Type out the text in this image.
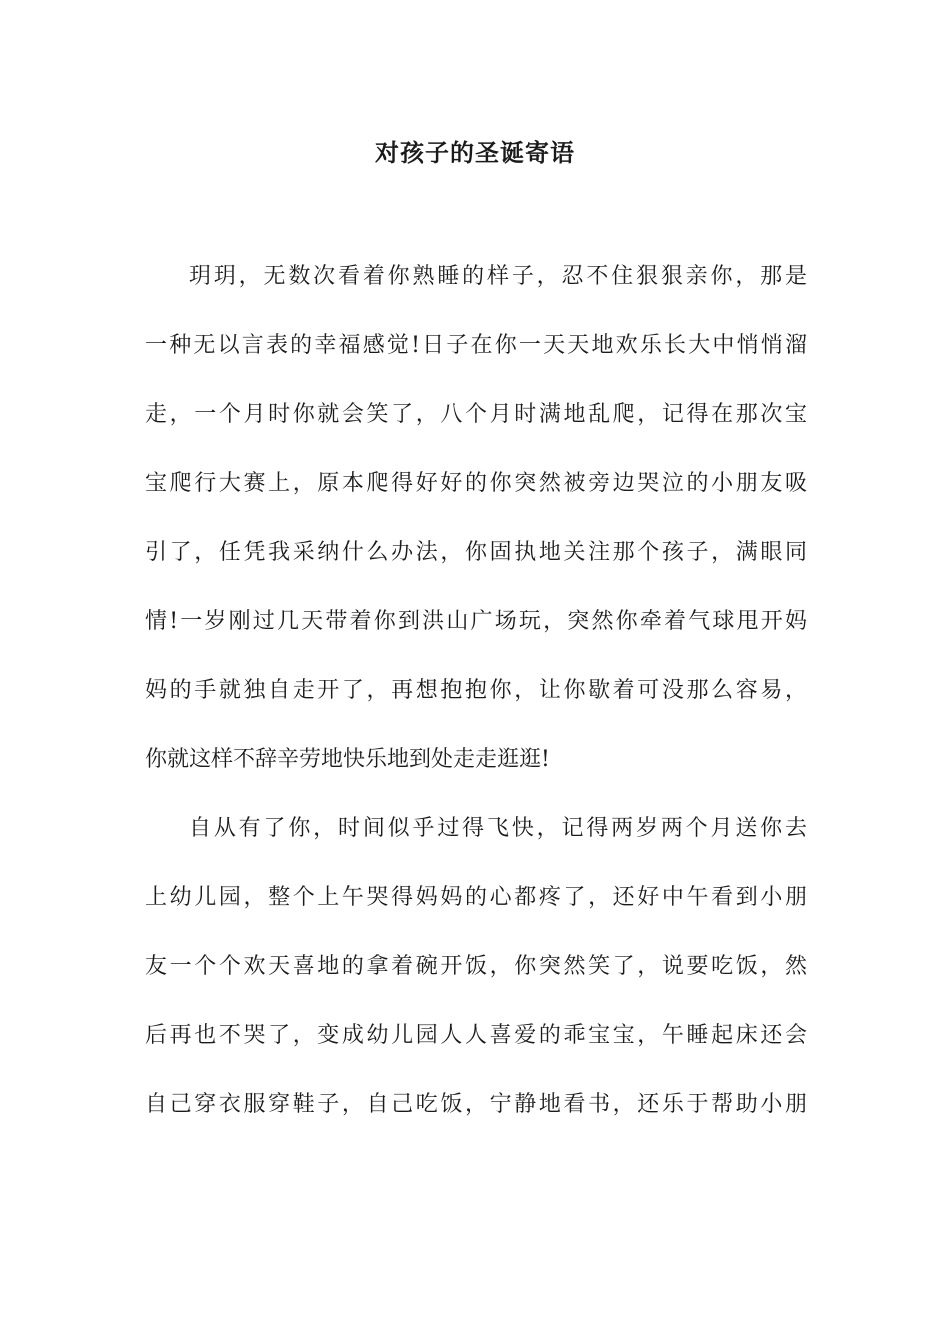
对孩子的圣诞寄语
玥玥，无数次看着你熟睡的样子，忍不住狠狠亲你，那是
一种无以言表的幸福感觉!日子在你一天天地欢乐长大中悄悄溜
走，一个月时你就会笑了，八个月时满地乱爬，记得在那次宝
宝爬行大赛上，原本爬得好好的你突然被旁边哭泣的小朋友吸
引了，任凭我采纳什么办法，你固执地关注那个孩子，满眼同
情!一岁刚过几天带着你到洪山广场玩，突然你牵着气球甩开妈
妈的手就独自走开了，再想抱抱你，让你歇着可没那么容易，
你就这样不辞辛劳地快乐地到处走走逛逛!
自从有了你，时间似乎过得飞快，记得两岁两个月送你去
上幼儿园，整个上午哭得妈妈的心都疼了，还好中午看到小朋
友一个个欢天喜地的拿着碗开饭，你突然笑了，说要吃饭，然
后再也不哭了，变成幼儿园人人喜爱的乖宝宝，午睡起床还会
自己穿衣服穿鞋子，自己吃饭，宁静地看书，还乐于帮助小朋
